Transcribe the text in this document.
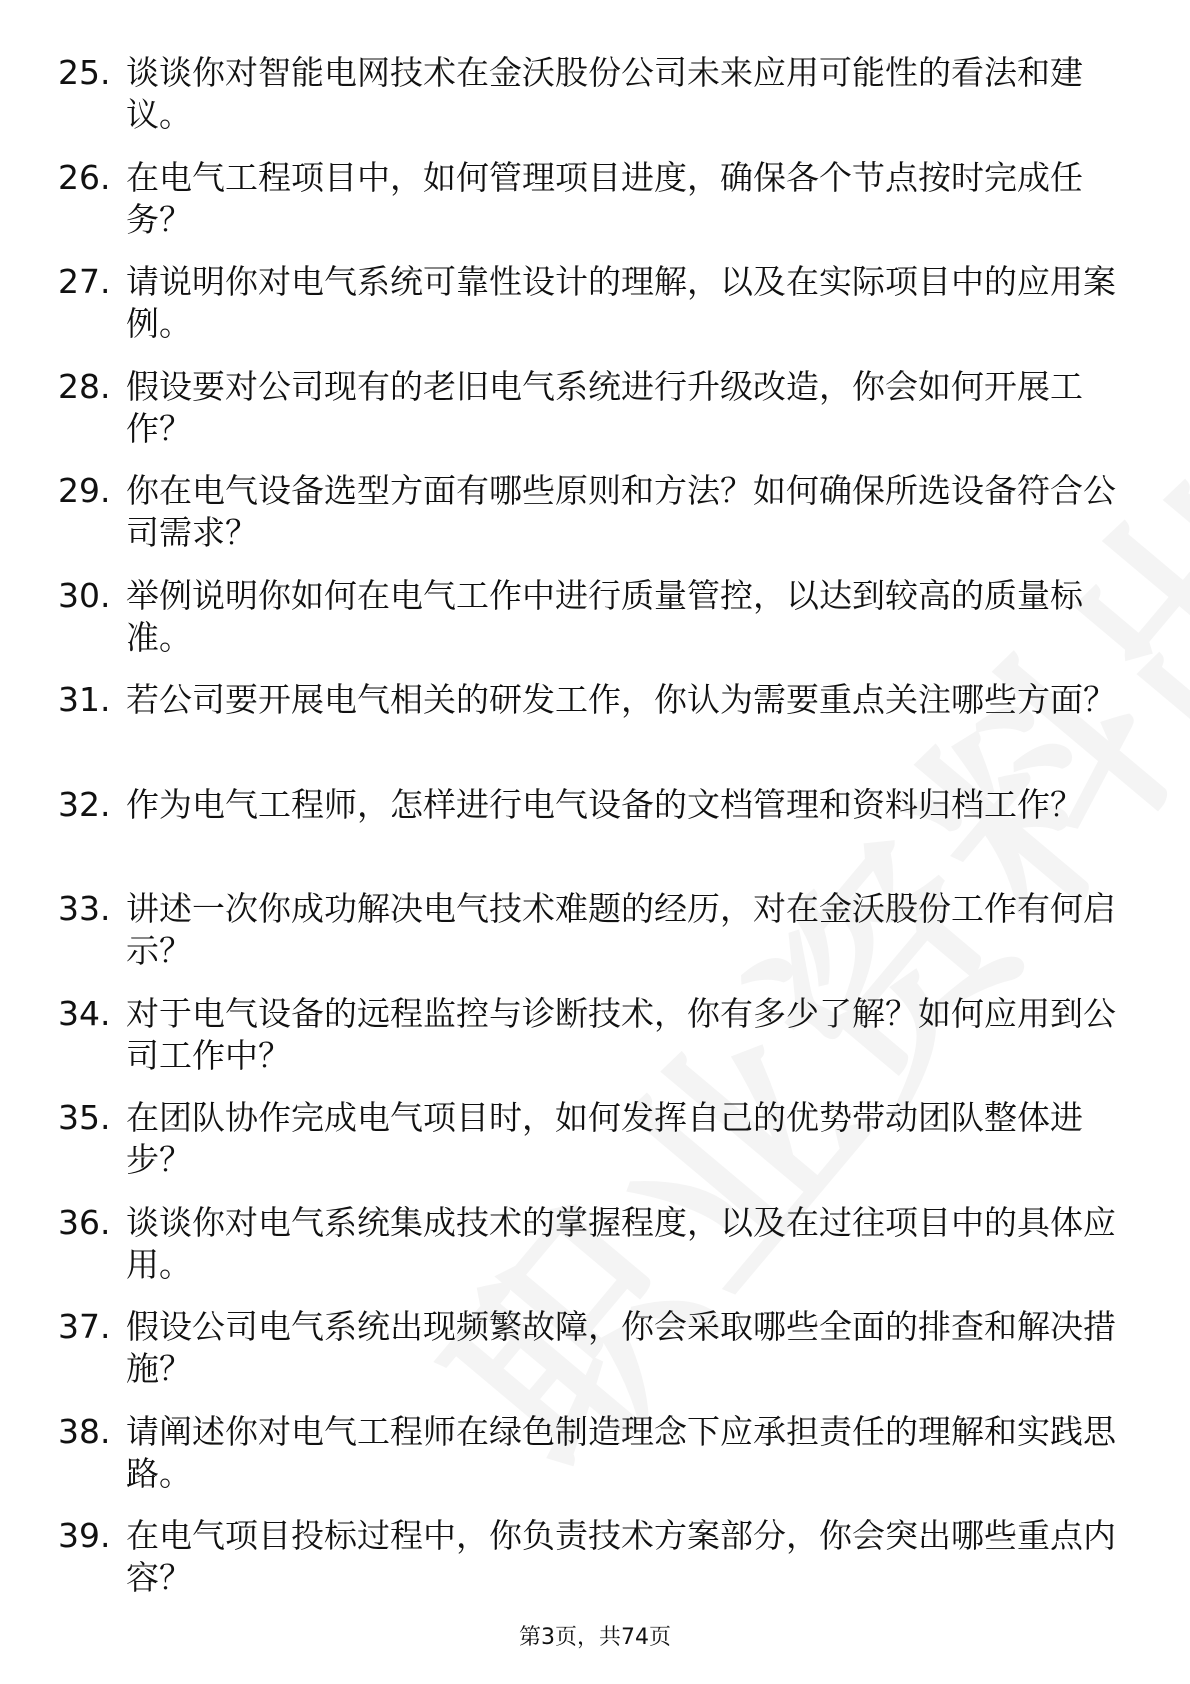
25. 谈谈你对智能电网技术在金沃股份公司未来应用可能性的看法和建议。
26. 在电气工程项目中，如何管理项目进度，确保各个节点按时完成任务？
27. 请说明你对电气系统可靠性设计的理解，以及在实际项目中的应用案例。
28. 假设要对公司现有的老旧电气系统进行升级改造，你会如何开展工作？
29. 你在电气设备选型方面有哪些原则和方法？如何确保所选设备符合公司需求？
30. 举例说明你如何在电气工作中进行质量管控，以达到较高的质量标准。
31. 若公司要开展电气相关的研发工作，你认为需要重点关注哪些方面？
32. 作为电气工程师，怎样进行电气设备的文档管理和资料归档工作？
33. 讲述一次你成功解决电气技术难题的经历，对在金沃股份工作有何启示？
34. 对于电气设备的远程监控与诊断技术，你有多少了解？如何应用到公司工作中？
35. 在团队协作完成电气项目时，如何发挥自己的优势带动团队整体进步？
36. 谈谈你对电气系统集成技术的掌握程度，以及在过往项目中的具体应用。
37. 假设公司电气系统出现频繁故障，你会采取哪些全面的排查和解决措施？
38. 请阐述你对电气工程师在绿色制造理念下应承担责任的理解和实践思路。
39. 在电气项目投标过程中，你负责技术方案部分，你会突出哪些重点内容？
第3页，共74页
